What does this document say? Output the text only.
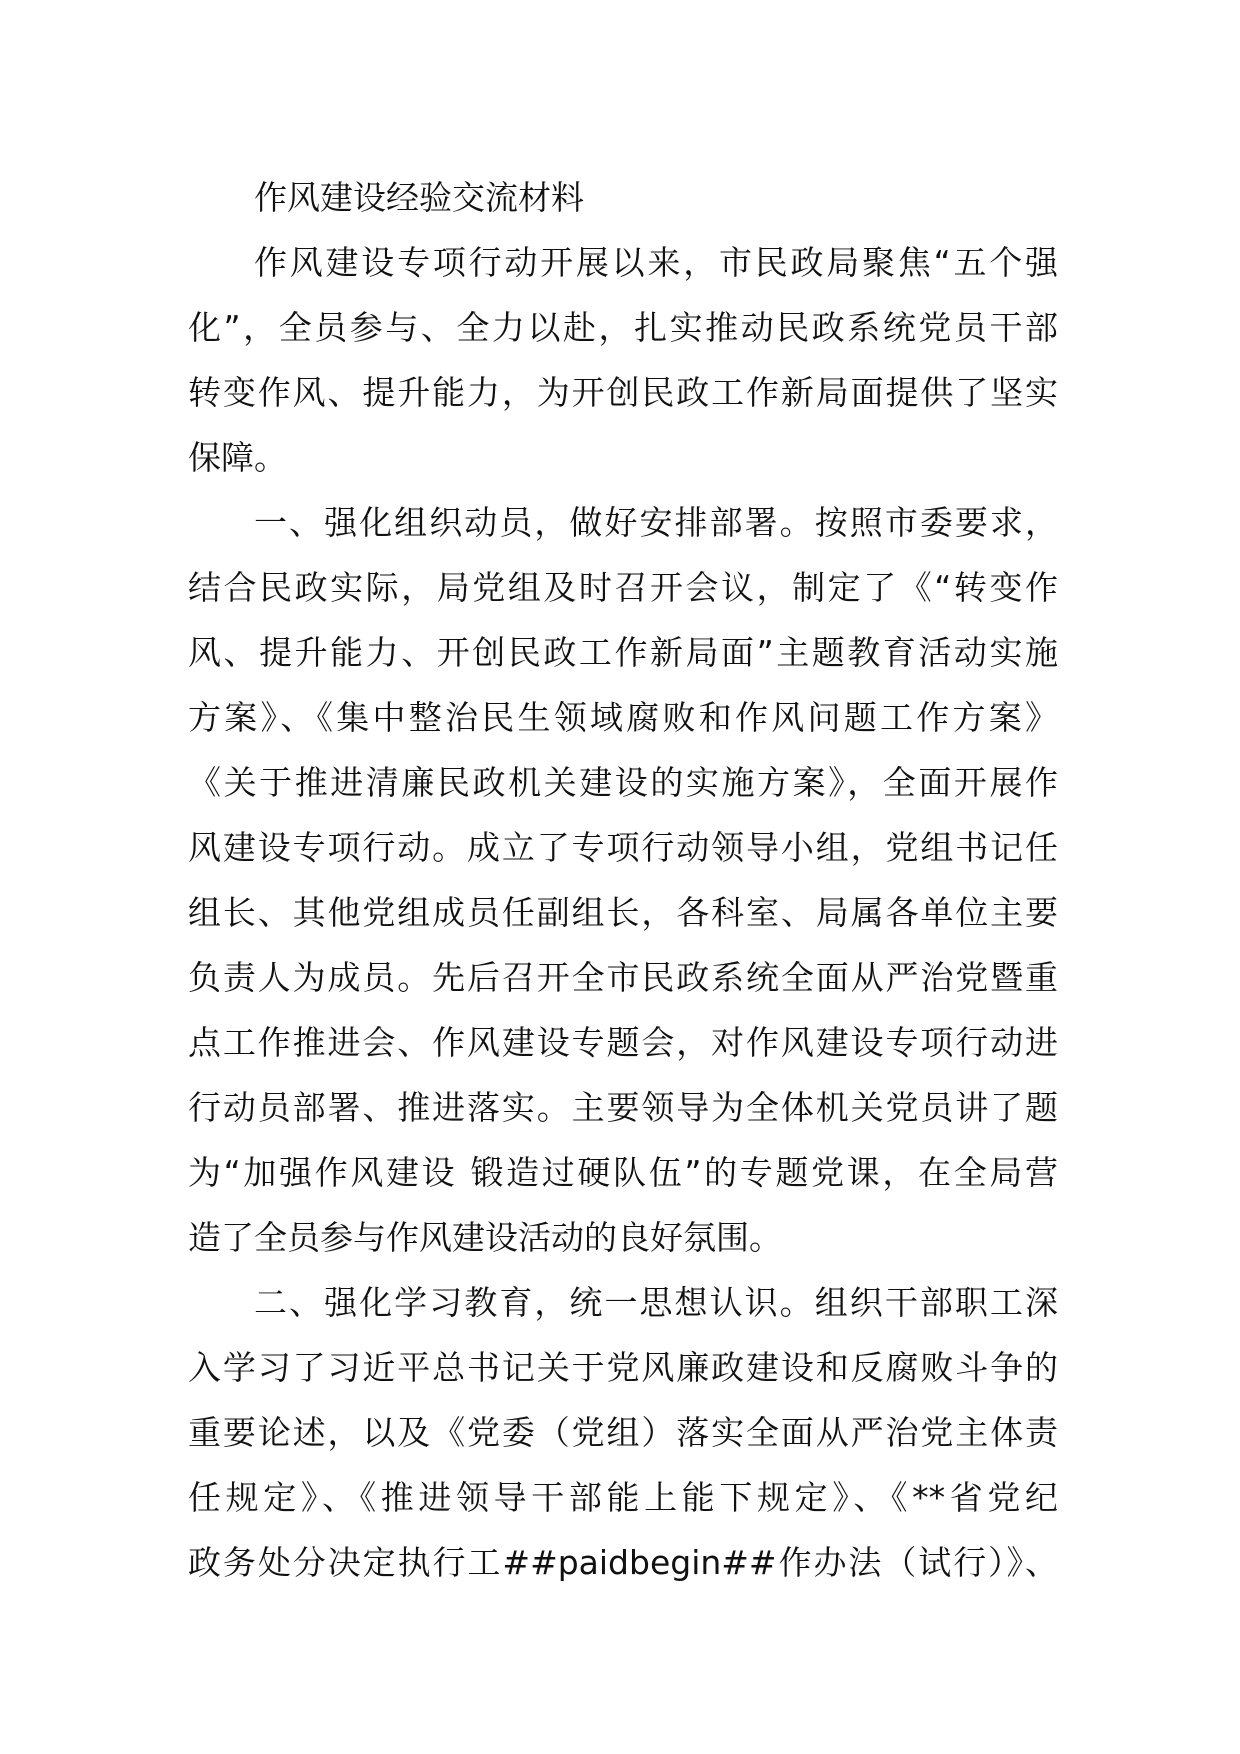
作风建设经验交流材料
作风建设专项行动开展以来，市民政局聚焦“五个强
化”，全员参与、全力以赴，扎实推动民政系统党员干部
转变作风、提升能力，为开创民政工作新局面提供了坚实
保障。
一、强化组织动员，做好安排部署。按照市委要求，
结合民政实际，局党组及时召开会议，制定了《“转变作
风、提升能力、开创民政工作新局面”主题教育活动实施
方案》、《集中整治民生领域腐败和作风问题工作方案》
《关于推进清廉民政机关建设的实施方案》，全面开展作
风建设专项行动。成立了专项行动领导小组，党组书记任
组长、其他党组成员任副组长，各科室、局属各单位主要
负责人为成员。先后召开全市民政系统全面从严治党暨重
点工作推进会、作风建设专题会，对作风建设专项行动进
行动员部署、推进落实。主要领导为全体机关党员讲了题
为“加强作风建设 锻造过硬队伍”的专题党课，在全局营
造了全员参与作风建设活动的良好氛围。
二、强化学习教育，统一思想认识。组织干部职工深
入学习了习近平总书记关于党风廉政建设和反腐败斗争的
重要论述，以及《党委（党组）落实全面从严治党主体责
任规定》、《推进领导干部能上能下规定》、《**省党纪
政务处分决定执行工##paidbegin##作办法（试行）》、
